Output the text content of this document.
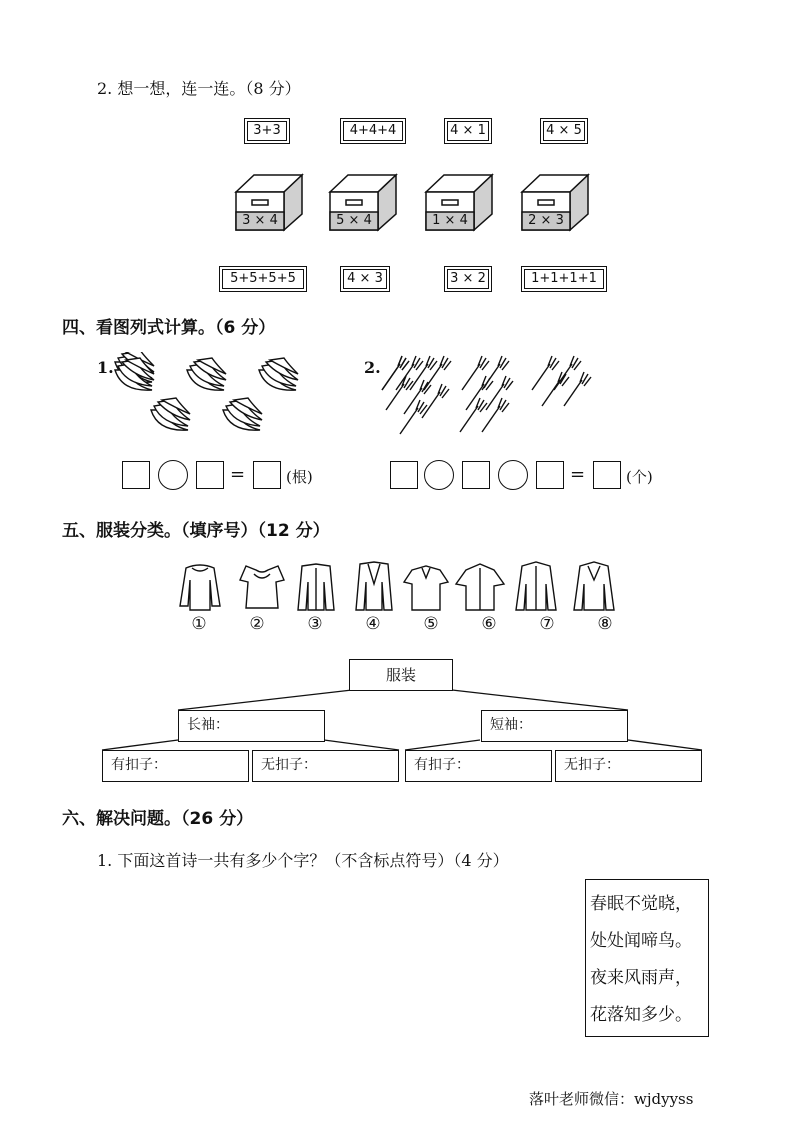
2. 想一想，连一连。（8 分）
3+3	4+4+4	4 × 1	4 × 5
3 × 4	5 × 4	1 × 4	2 × 3
5+5+5+5	4 × 3	3 × 2	1+1+1+1
四、看图列式计算。（6 分）
1.	2.
=	(根)	=	(个)
五、服装分类。（填序号）（12 分）
①	②	③	④	⑤	⑥	⑦	⑧
服装
长袖：	短袖：
有扣子：	无扣子：	有扣子：	无扣子：
六、解决问题。（26 分）
1. 下面这首诗一共有多少个字？（不含标点符号）（4 分）
春眠不觉晓，
处处闻啼鸟。
夜来风雨声，
花落知多少。
落叶老师微信：wjdyyss
